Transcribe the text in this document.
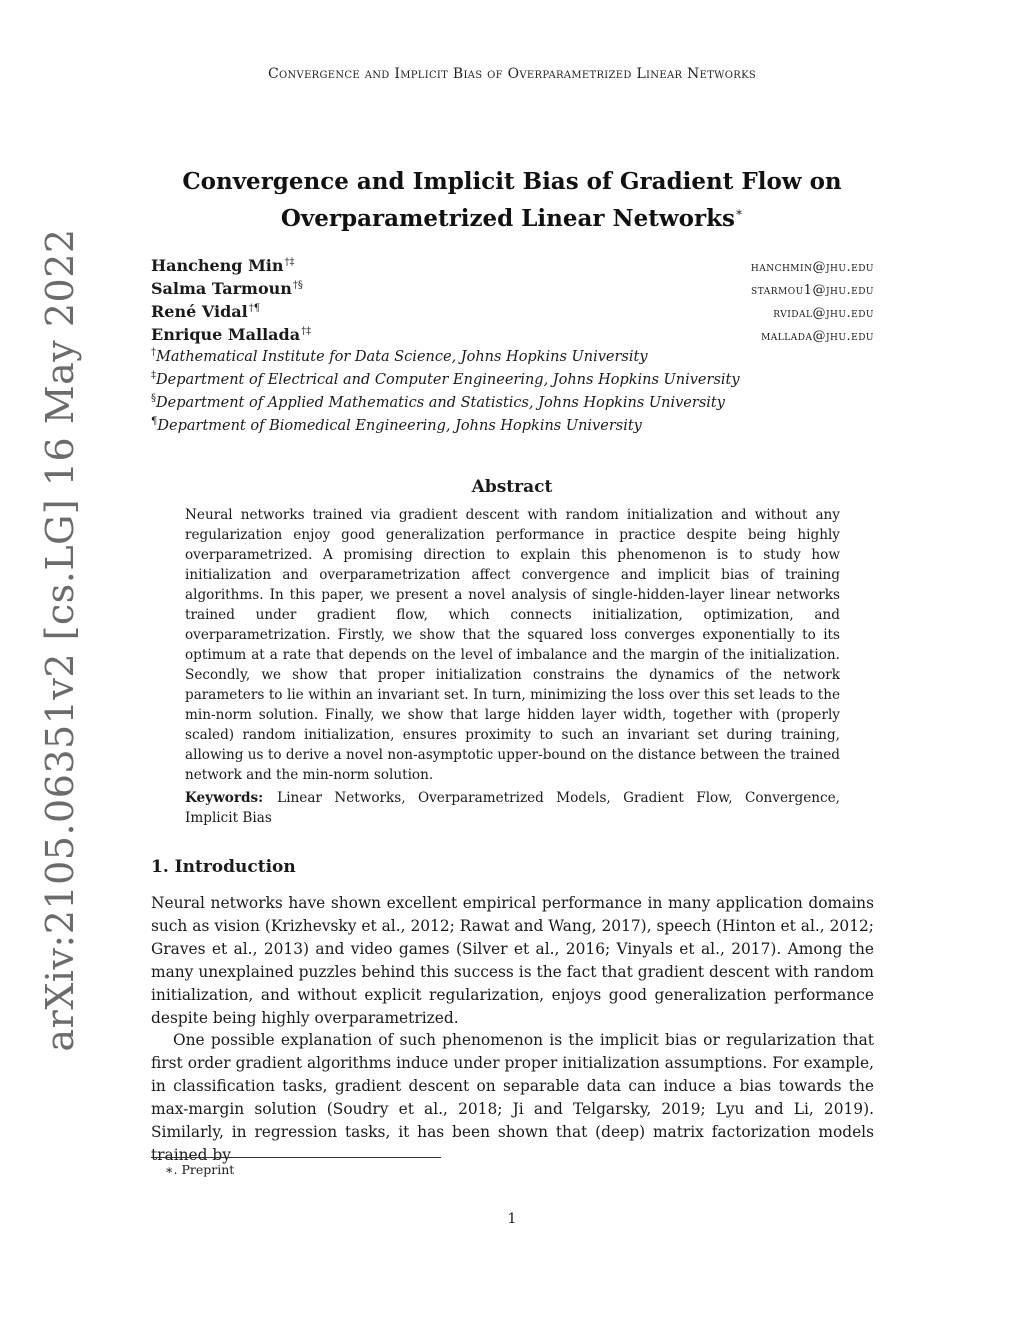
Convergence and Implicit Bias of Overparametrized Linear Networks
arXiv:2105.06351v2 [cs.LG] 16 May 2022
Convergence and Implicit Bias of Gradient Flow on
Overparametrized Linear Networks∗
Hancheng Min†‡	hanchmin@jhu.edu
Salma Tarmoun†§	starmou1@jhu.edu
René Vidal†¶	rvidal@jhu.edu
Enrique Mallada†‡	mallada@jhu.edu
†Mathematical Institute for Data Science, Johns Hopkins University
‡Department of Electrical and Computer Engineering, Johns Hopkins University
§Department of Applied Mathematics and Statistics, Johns Hopkins University
¶Department of Biomedical Engineering, Johns Hopkins University
Abstract

Neural networks trained via gradient descent with random initialization and without any regularization enjoy good generalization performance in practice despite being highly overparametrized. A promising direction to explain this phenomenon is to study how initialization and overparametrization affect convergence and implicit bias of training algorithms. In this paper, we present a novel analysis of single-hidden-layer linear networks trained under gradient flow, which connects initialization, optimization, and overparametrization. Firstly, we show that the squared loss converges exponentially to its optimum at a rate that depends on the level of imbalance and the margin of the initialization. Secondly, we show that proper initialization constrains the dynamics of the network parameters to lie within an invariant set. In turn, minimizing the loss over this set leads to the min-norm solution. Finally, we show that large hidden layer width, together with (properly scaled) random initialization, ensures proximity to such an invariant set during training, allowing us to derive a novel non-asymptotic upper-bound on the distance between the trained network and the min-norm solution.

Keywords: Linear Networks, Overparametrized Models, Gradient Flow, Convergence, Implicit Bias

1. Introduction

Neural networks have shown excellent empirical performance in many application domains such as vision (Krizhevsky et al., 2012; Rawat and Wang, 2017), speech (Hinton et al., 2012; Graves et al., 2013) and video games (Silver et al., 2016; Vinyals et al., 2017). Among the many unexplained puzzles behind this success is the fact that gradient descent with random initialization, and without explicit regularization, enjoys good generalization performance despite being highly overparametrized.

One possible explanation of such phenomenon is the implicit bias or regularization that first order gradient algorithms induce under proper initialization assumptions. For example, in classification tasks, gradient descent on separable data can induce a bias towards the max-margin solution (Soudry et al., 2018; Ji and Telgarsky, 2019; Lyu and Li, 2019). Similarly, in regression tasks, it has been shown that (deep) matrix factorization models trained by

∗. Preprint
1
